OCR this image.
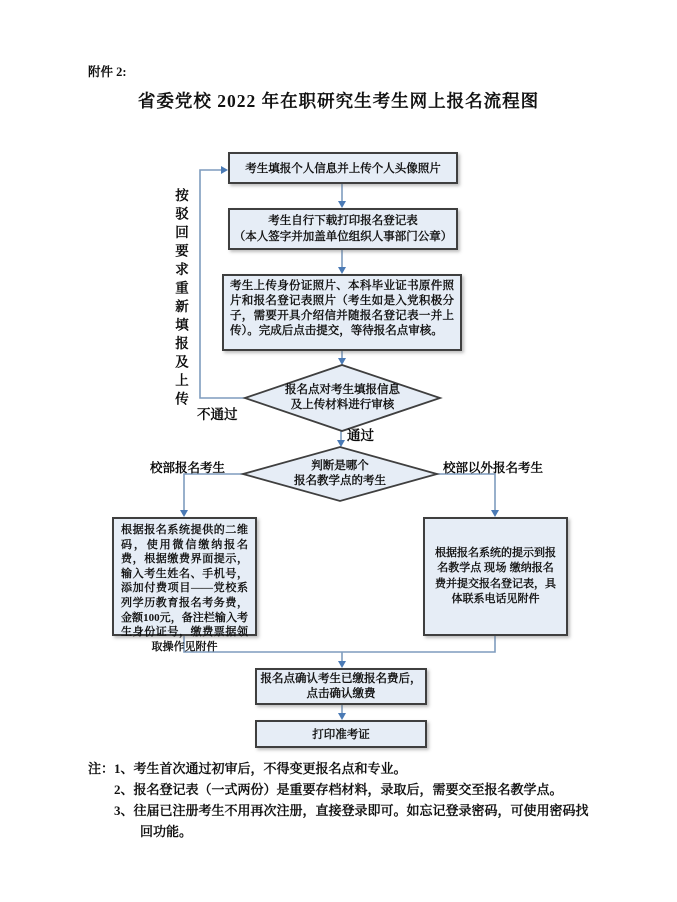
附件 2:
省委党校 2022 年在职研究生考生网上报名流程图
考生填报个人信息并上传个人头像照片
考生自行下载打印报名登记表
（本人签字并加盖单位组织人事部门公章）
考生上传身份证照片、本科毕业证书原件照片和报名登记表照片（考生如是入党积极分子，需要开具介绍信并随报名登记表一并上传）。完成后点击提交，等待报名点审核。
报名点对考生填报信息
及上传材料进行审核
判断是哪个
报名教学点的考生
不通过
通过
按驳回要求重新填报及上传
校部报名考生	校部以外报名考生
根据报名系统提供的二维码，使用微信缴纳报名费，根据缴费界面提示，输入考生姓名、手机号，添加付费项目——党校系列学历教育报名考务费，金额100元，备注栏输入考生身份证号，缴费票据领取操作见附件
根据报名系统的提示到报名教学点 现场 缴纳报名费并提交报名登记表，具体联系电话见附件
报名点确认考生已缴报名费后，
点击确认缴费
打印准考证
注： 1、考生首次通过初审后，不得变更报名点和专业。
2、报名登记表（一式两份）是重要存档材料，录取后，需要交至报名教学点。
3、往届已注册考生不用再次注册，直接登录即可。如忘记登录密码，可使用密码找回功能。
